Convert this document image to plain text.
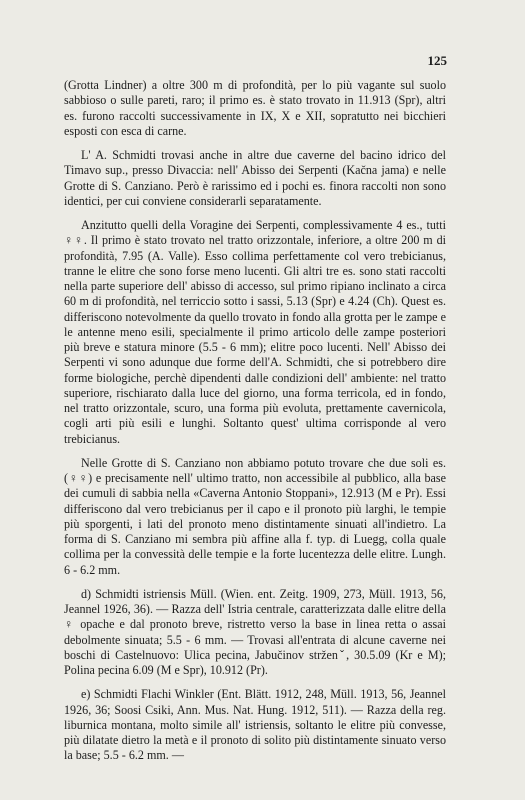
125

(Grotta Lindner) a oltre 300 m di profondità, per lo più vagante sul suolo sabbioso o sulle pareti, raro; il primo es. è stato trovato in 11.913 (Spr), altri es. furono raccolti successivamente in IX, X e XII, sopratutto nei bicchieri esposti con esca di carne.

L' A. Schmidti trovasi anche in altre due caverne del bacino idrico del Timavo sup., presso Divaccia: nell' Abisso dei Serpenti (Kačna jama) e nelle Grotte di S. Canziano. Però è rarissimo ed i pochi es. finora raccolti non sono identici, per cui conviene considerarli separatamente.

Anzitutto quelli della Voragine dei Serpenti, complessivamente 4 es., tutti ♀♀. Il primo è stato trovato nel tratto orizzontale, inferiore, a oltre 200 m di profondità, 7.95 (A. Valle). Esso collima perfettamente col vero trebicianus, tranne le elitre che sono forse meno lucenti. Gli altri tre es. sono stati raccolti nella parte superiore dell' abisso di accesso, sul primo ripiano inclinato a circa 60 m di profondità, nel terriccio sotto i sassi, 5.13 (Spr) e 4.24 (Ch). Quest es. differiscono notevolmente da quello trovato in fondo alla grotta per le zampe e le antenne meno esili, specialmente il primo articolo delle zampe posteriori più breve e statura minore (5.5 - 6 mm); elitre poco lucenti. Nell' Abisso dei Serpenti vi sono adunque due forme dell'A. Schmidti, che si potrebbero dire forme biologiche, perchè dipendenti dalle condizioni dell' ambiente: nel tratto superiore, rischiarato dalla luce del giorno, una forma terricola, ed in fondo, nel tratto orizzontale, scuro, una forma più evoluta, prettamente cavernicola, cogli arti più esili e lunghi. Soltanto quest' ultima corrisponde al vero trebicianus.

Nelle Grotte di S. Canziano non abbiamo potuto trovare che due soli es. (♀♀) e precisamente nell' ultimo tratto, non accessibile al pubblico, alla base dei cumuli di sabbia nella «Caverna Antonio Stoppani», 12.913 (M e Pr). Essi differiscono dal vero trebicianus per il capo e il pronoto più larghi, le tempie più sporgenti, i lati del pronoto meno distintamente sinuati all'indietro. La forma di S. Canziano mi sembra più affine alla f. typ. di Luegg, colla quale collima per la convessità delle tempie e la forte lucentezza delle elitre. Lungh. 6 - 6.2 mm.

d) Schmidti istriensis Müll. (Wien. ent. Zeitg. 1909, 273, Müll. 1913, 56, Jeannel 1926, 36). — Razza dell' Istria centrale, caratterizzata dalle elitre della ♀ opache e dal pronoto breve, ristretto verso la base in linea retta o assai debolmente sinuata; 5.5 - 6 mm. — Trovasi all'entrata di alcune caverne nei boschi di Castelnuovo: Ulica pecina, Jabučinov strženˇ, 30.5.09 (Kr e M); Polina pecina 6.09 (M e Spr), 10.912 (Pr).

e) Schmidti Flachi Winkler (Ent. Blätt. 1912, 248, Müll. 1913, 56, Jeannel 1926, 36; Soosi Csiki, Ann. Mus. Nat. Hung. 1912, 511). — Razza della reg. liburnica montana, molto simile all' istriensis, soltanto le elitre più convesse, più dilatate dietro la metà e il pronoto di solito più distintamente sinuato verso la base; 5.5 - 6.2 mm. —
